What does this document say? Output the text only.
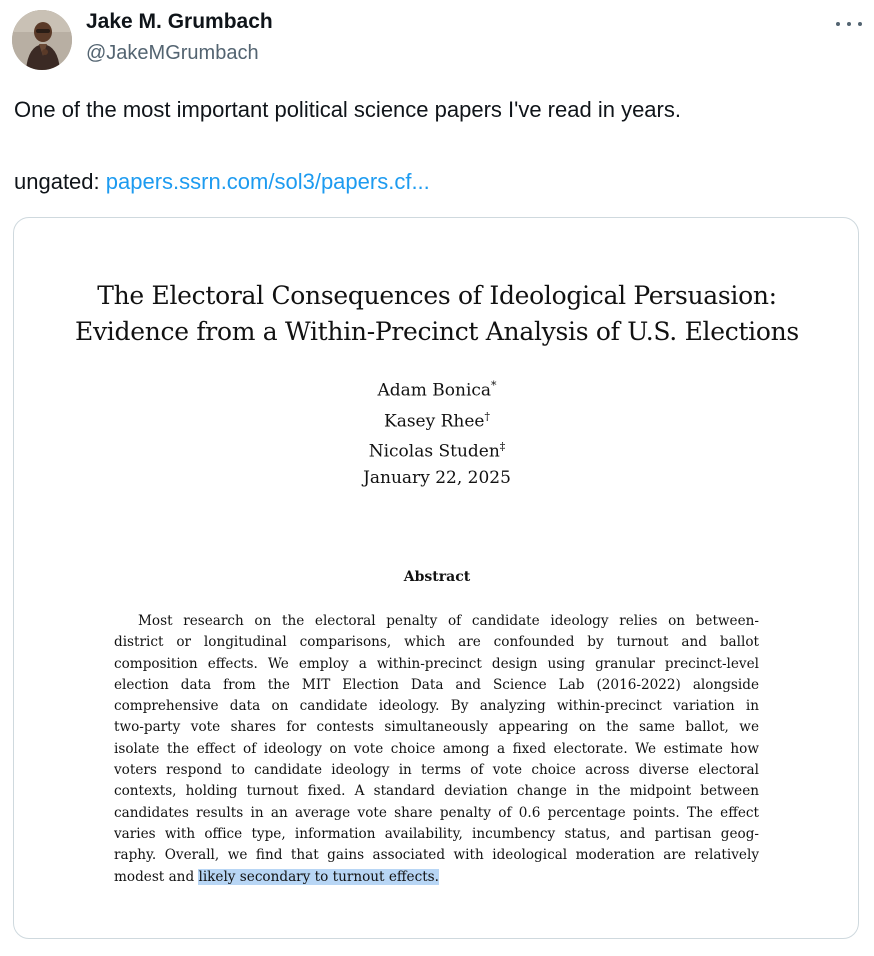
Jake M. Grumbach
@JakeMGrumbach
One of the most important political science papers I've read in years.
ungated: papers.ssrn.com/sol3/papers.cf...
The Electoral Consequences of Ideological Persuasion:
Evidence from a Within-Precinct Analysis of U.S. Elections
Adam Bonica*
Kasey Rhee†
Nicolas Studen‡
January 22, 2025
Abstract
Most research on the electoral penalty of candidate ideology relies on between-
district or longitudinal comparisons, which are confounded by turnout and ballot
composition effects. We employ a within-precinct design using granular precinct-level
election data from the MIT Election Data and Science Lab (2016-2022) alongside
comprehensive data on candidate ideology. By analyzing within-precinct variation in
two-party vote shares for contests simultaneously appearing on the same ballot, we
isolate the effect of ideology on vote choice among a fixed electorate. We estimate how
voters respond to candidate ideology in terms of vote choice across diverse electoral
contexts, holding turnout fixed. A standard deviation change in the midpoint between
candidates results in an average vote share penalty of 0.6 percentage points. The effect
varies with office type, information availability, incumbency status, and partisan geog-
raphy. Overall, we find that gains associated with ideological moderation are relatively
modest and likely secondary to turnout effects.
